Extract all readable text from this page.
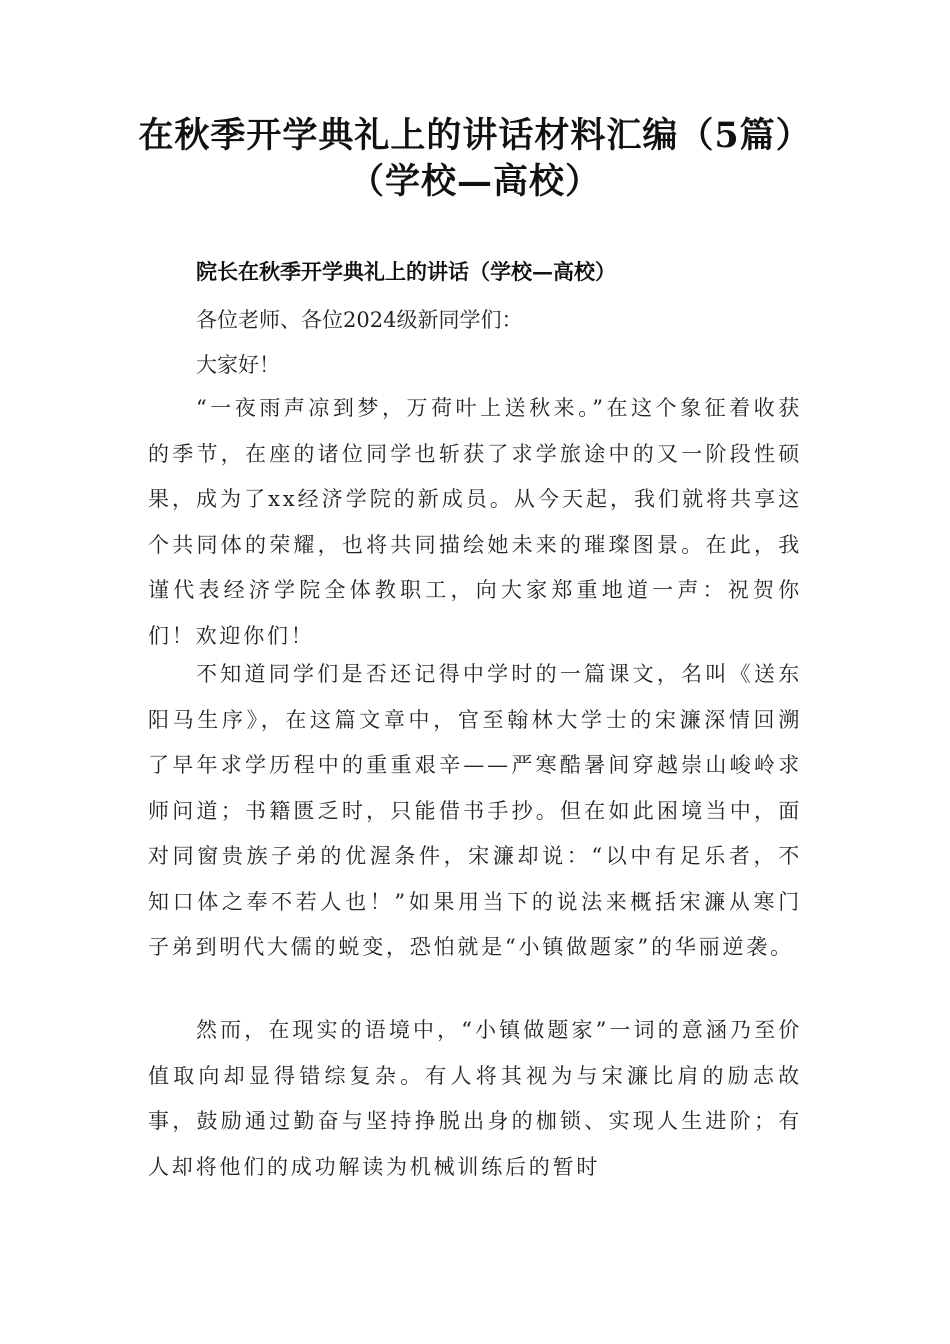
在秋季开学典礼上的讲话材料汇编（5篇）
（学校—高校）
院长在秋季开学典礼上的讲话（学校—高校）
各位老师、各位2024级新同学们：
大家好！

“一夜雨声凉到梦，万荷叶上送秋来。”在这个象征着收获的季节，在座的诸位同学也斩获了求学旅途中的又一阶段性硕果，成为了xx经济学院的新成员。从今天起，我们就将共享这个共同体的荣耀，也将共同描绘她未来的璀璨图景。在此，我谨代表经济学院全体教职工，向大家郑重地道一声：祝贺你们！欢迎你们！

不知道同学们是否还记得中学时的一篇课文，名叫《送东阳马生序》，在这篇文章中，官至翰林大学士的宋濂深情回溯了早年求学历程中的重重艰辛——严寒酷暑间穿越崇山峻岭求师问道；书籍匮乏时，只能借书手抄。但在如此困境当中，面对同窗贵族子弟的优渥条件，宋濂却说：“以中有足乐者，不知口体之奉不若人也！”如果用当下的说法来概括宋濂从寒门子弟到明代大儒的蜕变，恐怕就是“小镇做题家”的华丽逆袭。

然而，在现实的语境中，“小镇做题家”一词的意涵乃至价值取向却显得错综复杂。有人将其视为与宋濂比肩的励志故事，鼓励通过勤奋与坚持挣脱出身的枷锁、实现人生进阶；有人却将他们的成功解读为机械训练后的暂时
